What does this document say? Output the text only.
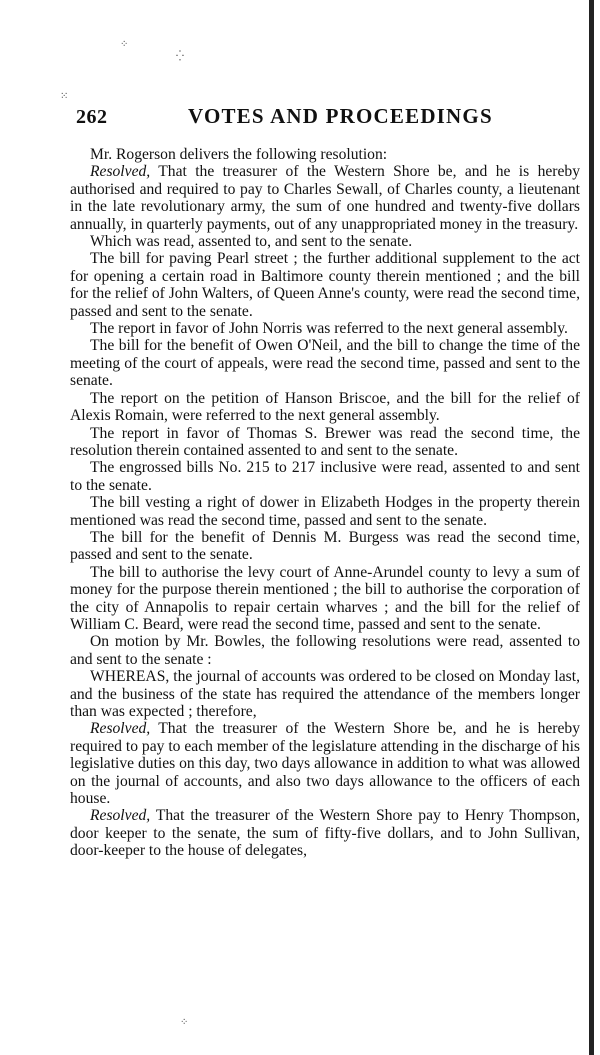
⁘
⁛
⁙
⁘
262	VOTES AND PROCEEDINGS

Mr. Rogerson delivers the following resolution:

Resolved, That the treasurer of the Western Shore be, and he is hereby authorised and required to pay to Charles Sewall, of Charles county, a lieutenant in the late revolutionary army, the sum of one hundred and twenty-five dollars annually, in quarterly payments, out of any unappropriated money in the treasury.

Which was read, assented to, and sent to the senate.

The bill for paving Pearl street ; the further additional supplement to the act for opening a certain road in Baltimore county therein mentioned ; and the bill for the relief of John Walters, of Queen Anne's county, were read the second time, passed and sent to the senate.

The report in favor of John Norris was referred to the next general assembly.

The bill for the benefit of Owen O'Neil, and the bill to change the time of the meeting of the court of appeals, were read the second time, passed and sent to the senate.

The report on the petition of Hanson Briscoe, and the bill for the relief of Alexis Romain, were referred to the next general assembly.

The report in favor of Thomas S. Brewer was read the second time, the resolution therein contained assented to and sent to the senate.

The engrossed bills No. 215 to 217 inclusive were read, assented to and sent to the senate.

The bill vesting a right of dower in Elizabeth Hodges in the property therein mentioned was read the second time, passed and sent to the senate.

The bill for the benefit of Dennis M. Burgess was read the second time, passed and sent to the senate.

The bill to authorise the levy court of Anne-Arundel county to levy a sum of money for the purpose therein mentioned ; the bill to authorise the corporation of the city of Annapolis to repair certain wharves ; and the bill for the relief of William C. Beard, were read the second time, passed and sent to the senate.

On motion by Mr. Bowles, the following resolutions were read, assented to and sent to the senate :

WHEREAS, the journal of accounts was ordered to be closed on Monday last, and the business of the state has required the attendance of the members longer than was expected ; therefore,

Resolved, That the treasurer of the Western Shore be, and he is hereby required to pay to each member of the legislature attending in the discharge of his legislative duties on this day, two days allowance in addition to what was allowed on the journal of accounts, and also two days allowance to the officers of each house.

Resolved, That the treasurer of the Western Shore pay to Henry Thompson, door keeper to the senate, the sum of fifty-five dollars, and to John Sullivan, door-keeper to the house of delegates,
